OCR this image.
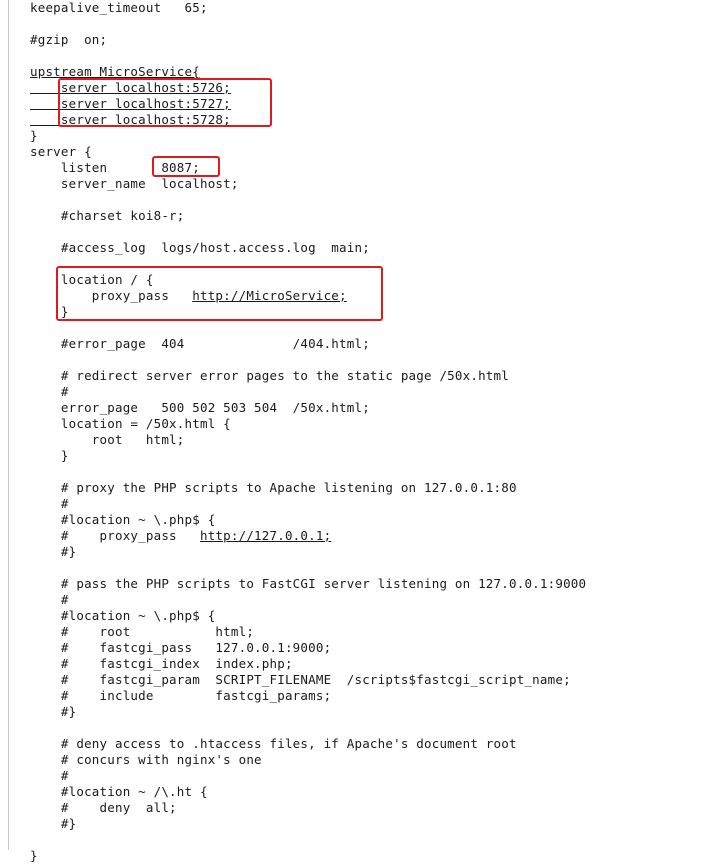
keepalive_timeout   65;
#gzip  on;
upstream MicroService{
server localhost:5726;
server localhost:5727;
server localhost:5728;
}
server {
listen       8087;
server_name  localhost;
#charset koi8-r;
#access_log  logs/host.access.log  main;
location / {
proxy_pass   http://MicroService;
}
#error_page  404              /404.html;
# redirect server error pages to the static page /50x.html
#
error_page   500 502 503 504  /50x.html;
location = /50x.html {
root   html;
}
# proxy the PHP scripts to Apache listening on 127.0.0.1:80
#
#location ~ \.php$ {
#    proxy_pass   http://127.0.0.1;
#}
# pass the PHP scripts to FastCGI server listening on 127.0.0.1:9000
#
#location ~ \.php$ {
#    root           html;
#    fastcgi_pass   127.0.0.1:9000;
#    fastcgi_index  index.php;
#    fastcgi_param  SCRIPT_FILENAME  /scripts$fastcgi_script_name;
#    include        fastcgi_params;
#}
# deny access to .htaccess files, if Apache's document root
# concurs with nginx's one
#
#location ~ /\.ht {
#    deny  all;
#}
}
